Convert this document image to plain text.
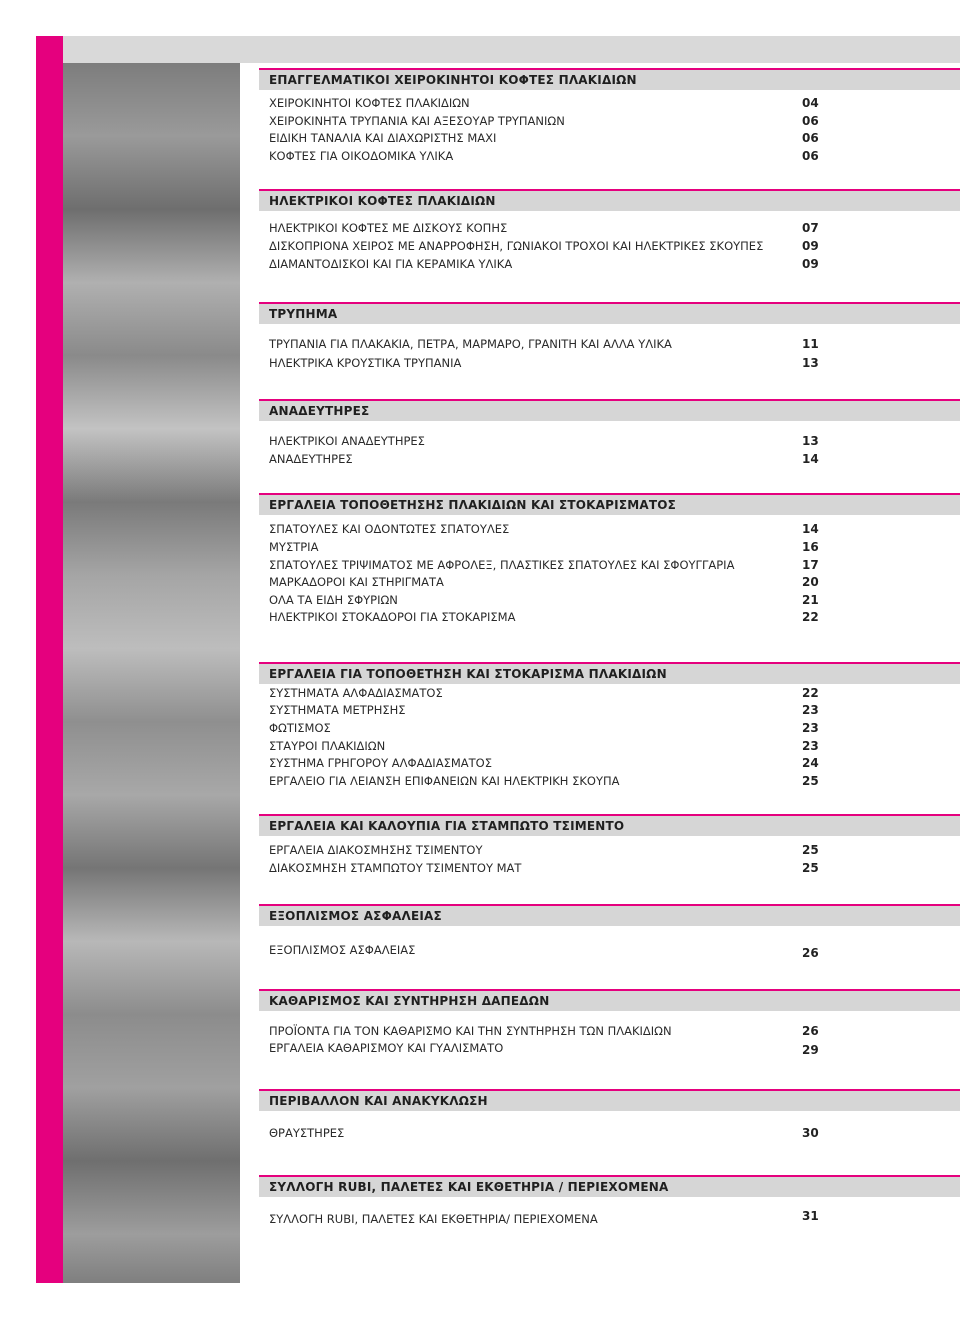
ΕΠΑΓΓΕΛΜΑΤΙΚΟΙ ΧΕΙΡΟΚΙΝΗΤΟΙ ΚΟΦΤΕΣ ΠΛΑΚΙΔΙΩΝ
ΧΕΙΡΟΚΙΝΗΤΟΙ ΚΟΦΤΕΣ ΠΛΑΚΙΔΙΩΝ	04
ΧΕΙΡΟΚΙΝΗΤΑ ΤΡΥΠΑΝΙΑ ΚΑΙ ΑΞΕΣΟΥΑΡ ΤΡΥΠΑΝΙΩΝ	06
ΕΙΔΙΚΗ ΤΑΝΑΛΙΑ ΚΑΙ ΔΙΑΧΩΡΙΣΤΗΣ ΜΑΧΙ	06
ΚΟΦΤΕΣ ΓΙΑ ΟΙΚΟΔΟΜΙΚΑ ΥΛΙΚΑ	06
ΗΛΕΚΤΡΙΚΟΙ ΚΟΦΤΕΣ ΠΛΑΚΙΔΙΩΝ
ΗΛΕΚΤΡΙΚΟΙ ΚΟΦΤΕΣ ΜΕ ΔΙΣΚΟΥΣ ΚΟΠΗΣ	07
ΔΙΣΚΟΠΡΙΟΝΑ ΧΕΙΡΟΣ ΜΕ ΑΝΑΡΡΟΦΗΣΗ, ΓΩΝΙΑΚΟΙ ΤΡΟΧΟΙ ΚΑΙ ΗΛΕΚΤΡΙΚΕΣ ΣΚΟΥΠΕΣ	09
ΔΙΑΜΑΝΤΟΔΙΣΚΟΙ ΚΑΙ ΓΙΑ ΚΕΡΑΜΙΚΑ ΥΛΙΚΑ	09
ΤΡΥΠΗΜΑ
ΤΡΥΠΑΝΙΑ ΓΙΑ ΠΛΑΚΑΚΙΑ, ΠΕΤΡΑ, ΜΑΡΜΑΡΟ, ΓΡΑΝΙΤΗ ΚΑΙ ΑΛΛΑ ΥΛΙΚΑ	11
ΗΛΕΚΤΡΙΚΑ ΚΡΟΥΣΤΙΚΑ ΤΡΥΠΑΝΙΑ	13
ΑΝΑΔΕΥΤΗΡΕΣ
ΗΛΕΚΤΡΙΚΟΙ ΑΝΑΔΕΥΤΗΡΕΣ	13
ΑΝΑΔΕΥΤΗΡΕΣ	14
ΕΡΓΑΛΕΙΑ ΤΟΠΟΘΕΤΗΣΗΣ ΠΛΑΚΙΔΙΩΝ ΚΑΙ ΣΤΟΚΑΡΙΣΜΑΤΟΣ
ΣΠΑΤΟΥΛΕΣ ΚΑΙ ΟΔΟΝΤΩΤΕΣ ΣΠΑΤΟΥΛΕΣ	14
ΜΥΣΤΡΙΑ	16
ΣΠΑΤΟΥΛΕΣ ΤΡΙΨΙΜΑΤΟΣ ΜΕ ΑΦΡΟΛΕΞ, ΠΛΑΣΤΙΚΕΣ ΣΠΑΤΟΥΛΕΣ ΚΑΙ ΣΦΟΥΓΓΑΡΙΑ	17
ΜΑΡΚΑΔΟΡΟΙ ΚΑΙ ΣΤΗΡΙΓΜΑΤΑ	20
ΟΛΑ ΤΑ ΕΙΔΗ ΣΦΥΡΙΩΝ	21
ΗΛΕΚΤΡΙΚΟΙ ΣΤΟΚΑΔΟΡΟΙ ΓΙΑ ΣΤΟΚΑΡΙΣΜΑ	22
ΕΡΓΑΛΕΙΑ ΓΙΑ ΤΟΠΟΘΕΤΗΣΗ ΚΑΙ ΣΤΟΚΑΡΙΣΜΑ ΠΛΑΚΙΔΙΩΝ
ΣΥΣΤΗΜΑΤΑ ΑΛΦΑΔΙΑΣΜΑΤΟΣ	22
ΣΥΣΤΗΜΑΤΑ ΜΕΤΡΗΣΗΣ	23
ΦΩΤΙΣΜΟΣ	23
ΣΤΑΥΡΟΙ ΠΛΑΚΙΔΙΩΝ	23
ΣΥΣΤΗΜΑ ΓΡΗΓΟΡΟΥ ΑΛΦΑΔΙΑΣΜΑΤΟΣ	24
ΕΡΓΑΛΕΙΟ ΓΙΑ ΛΕΙΑΝΣΗ ΕΠΙΦΑΝΕΙΩΝ ΚΑΙ ΗΛΕΚΤΡΙΚΗ ΣΚΟΥΠΑ	25
ΕΡΓΑΛΕΙΑ ΚΑΙ ΚΑΛΟΥΠΙΑ ΓΙΑ ΣΤΑΜΠΩΤΟ ΤΣΙΜΕΝΤΟ
ΕΡΓΑΛΕΙΑ ΔΙΑΚΟΣΜΗΣΗΣ ΤΣΙΜΕΝΤΟΥ	25
ΔΙΑΚΟΣΜΗΣΗ ΣΤΑΜΠΩΤΟΥ ΤΣΙΜΕΝΤΟΥ ΜΑΤ	25
ΕΞΟΠΛΙΣΜΟΣ ΑΣΦΑΛΕΙΑΣ
ΕΞΟΠΛΙΣΜΟΣ ΑΣΦΑΛΕΙΑΣ	26
ΚΑΘΑΡΙΣΜΟΣ ΚΑΙ ΣΥΝΤΗΡΗΣΗ ΔΑΠΕΔΩΝ
ΠΡΟΪΟΝΤΑ ΓΙΑ ΤΟΝ ΚΑΘΑΡΙΣΜΟ ΚΑΙ ΤΗΝ ΣΥΝΤΗΡΗΣΗ ΤΩΝ ΠΛΑΚΙΔΙΩΝ	26
ΕΡΓΑΛΕΙΑ ΚΑΘΑΡΙΣΜΟΥ ΚΑΙ ΓΥΑΛΙΣΜΑΤΟ	29
ΠΕΡΙΒΑΛΛΟΝ ΚΑΙ ΑΝΑΚΥΚΛΩΣΗ
ΘΡΑΥΣΤΗΡΕΣ	30
ΣΥΛΛΟΓΗ RUBI, ΠΑΛΕΤΕΣ ΚΑΙ ΕΚΘΕΤΗΡΙΑ / ΠΕΡΙΕΧΟΜΕΝΑ
ΣΥΛΛΟΓΗ RUBI, ΠΑΛΕΤΕΣ ΚΑΙ ΕΚΘΕΤΗΡΙΑ/ ΠΕΡΙΕΧΟΜΕΝΑ	31
